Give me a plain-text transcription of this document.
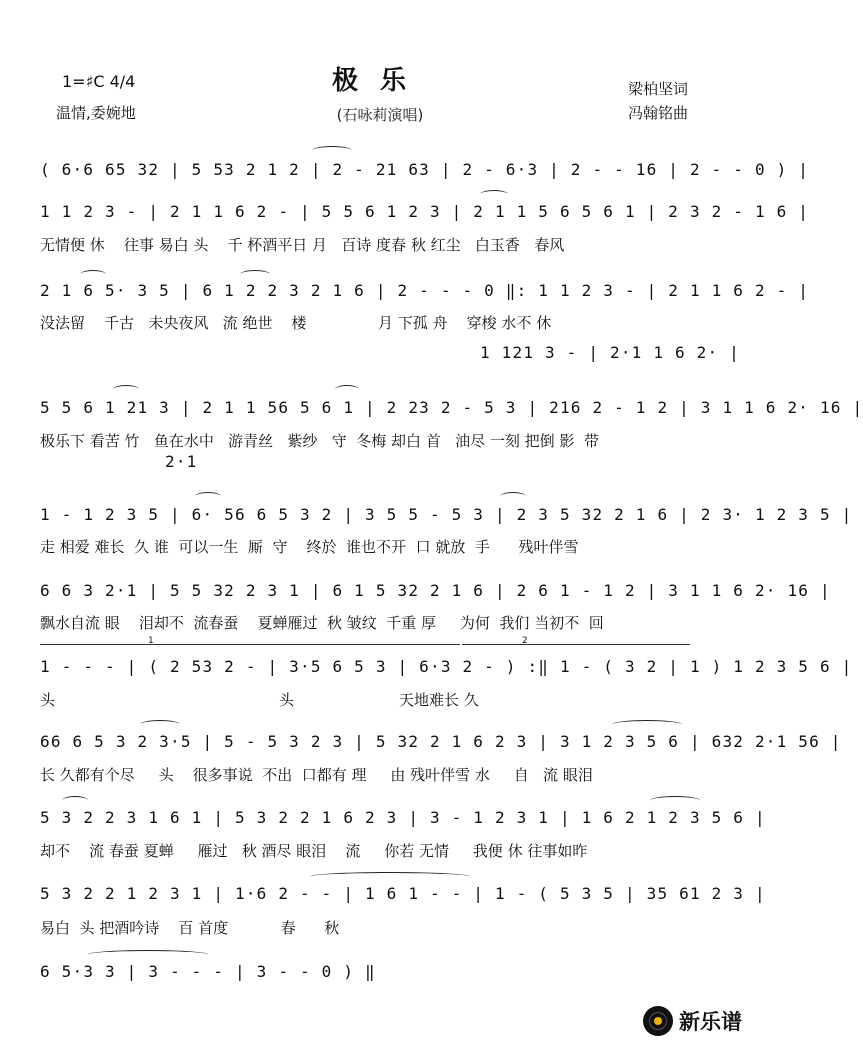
1=♯C 4/4
温情,委婉地
极乐
(石咏莉演唱)
梁柏坚词
冯翰铭曲
( 6·6 65 32 | 5 53 2 1 2 | 2 - 21 63 | 2 - 6·3 | 2 - - 16 | 2 - - 0 ) |
1 1 2 3 - | 2 1 1 6 2 - | 5 5 6 1 2 3 | 2 1 1 5 6 5 6 1 | 2 3 2 - 1 6 |
无情便 休    往事 易白 头    千 杯酒平日 月   百诗 度春 秋 红尘   白玉香   春风
2 1 6 5· 3 5 | 6 1 2 2 3 2 1 6 | 2 - - - 0 ‖: 1 1 2 3 - | 2 1 1 6 2 - |
没法留    千古   未央夜风   流 绝世    楼               月 下孤 舟    穿梭 水不 休
1 121 3 - | 2·1 1 6 2· |
5 5 6 1 21 3 | 2 1 1 56 5 6 1 | 2 23 2 - 5 3 | 216 2 - 1 2 | 3 1 1 6 2· 16 |
极乐下 看苦 竹   鱼在水中   游青丝   紫纱   守  冬梅 却白 首   油尽 一刻 把倒 影  带
2·1
1 - 1 2 3 5 | 6· 56 6 5 3 2 | 3 5 5 - 5 3 | 2 3 5 32 2 1 6 | 2 3· 1 2 3 5 |
走 相爱 难长  久 谁  可以一生  厮  守    终於  谁也不开  口 就放  手      残叶伴雪
6 6 3 2·1 | 5 5 32 2 3 1 | 6 1 5 32 2 1 6 | 2 6 1 - 1 2 | 3 1 1 6 2· 16 |
飘水自流 眼    泪却不  流春蚕    夏蝉雁过  秋 皱纹  千重 厚     为何  我们 当初不  回
1	2
1 - - - | ( 2 53 2 - | 3·5 6 5 3 | 6·3 2 - ) :‖ 1 - ( 3 2 | 1 ) 1 2 3 5 6 |
头                                               头                      天地难长 久
66 6 5 3 2 3·5 | 5 - 5 3 2 3 | 5 32 2 1 6 2 3 | 3 1 2 3 5 6 | 632 2·1 56 |
长 久都有个尽     头    很多事说  不出  口都有 理     由 残叶伴雪 水     自   流 眼泪
5 3 2 2 3 1 6 1 | 5 3 2 2 1 6 2 3 | 3 - 1 2 3 1 | 1 6 2 1 2 3 5 6 |
却不    流 春蚕 夏蝉     雁过   秋 酒尽 眼泪    流     你若 无情     我便 休 往事如昨
5 3 2 2 1 2 3 1 | 1·6 2 - - | 1 6 1 - - | 1 - ( 5 3 5 | 35 61 2 3 |
易白  头 把酒吟诗    百 首度           春      秋
6 5·3 3 | 3 - - - | 3 - - 0 ) ‖
新乐谱
